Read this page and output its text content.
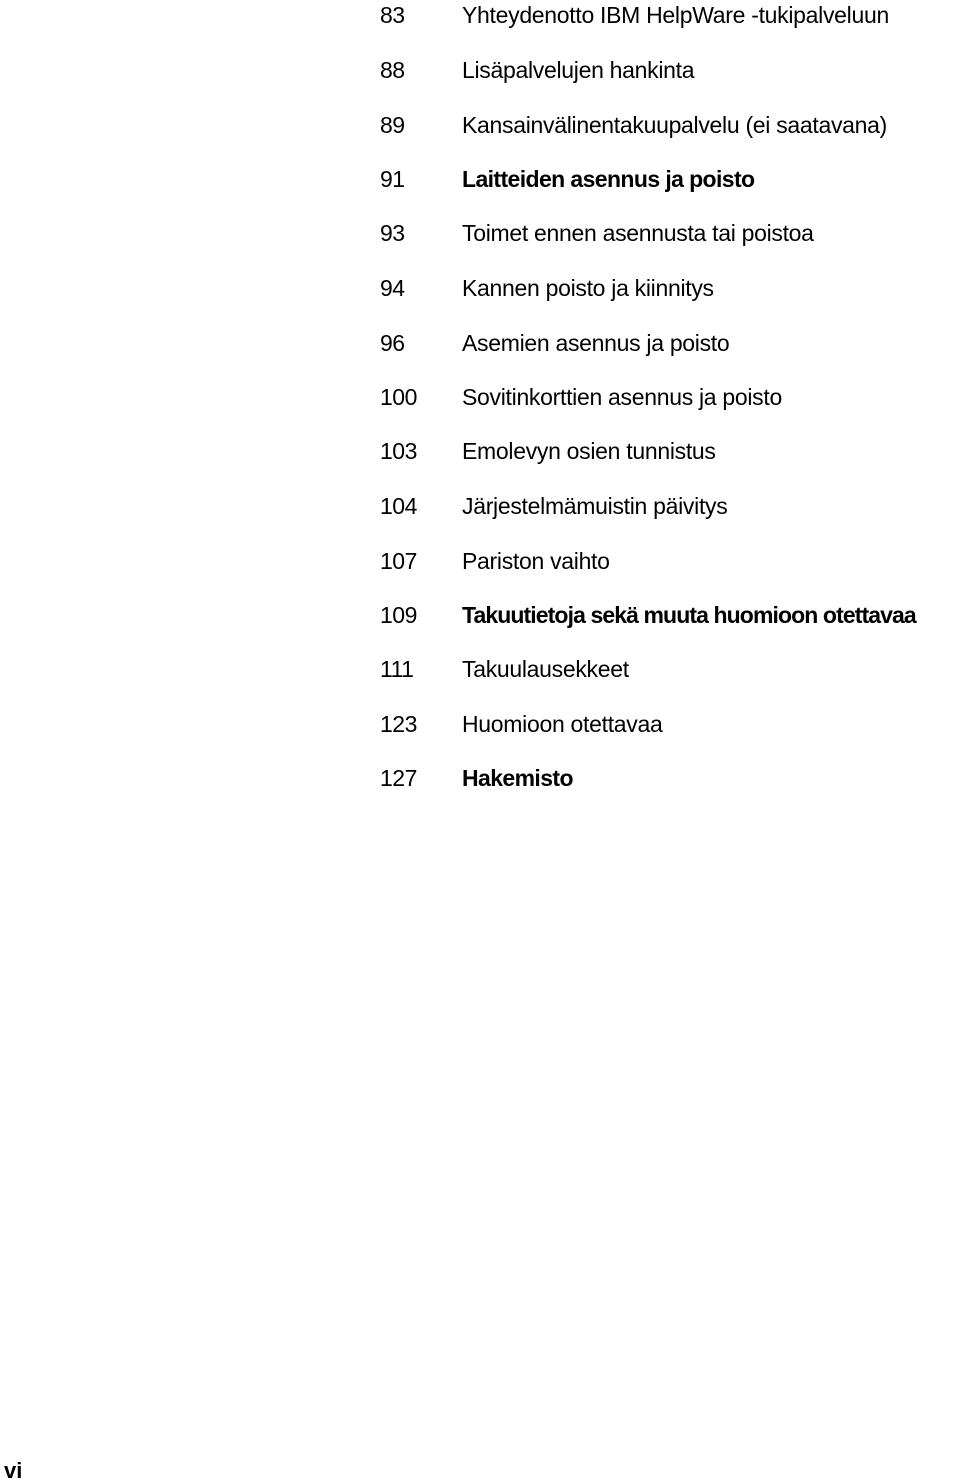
83 Yhteydenotto IBM HelpWare -tukipalveluun
88 Lisäpalvelujen hankinta
89 Kansainvälinentakuupalvelu (ei saatavana)
91 Laitteiden asennus ja poisto
93 Toimet ennen asennusta tai poistoa
94 Kannen poisto ja kiinnitys
96 Asemien asennus ja poisto
100 Sovitinkorttien asennus ja poisto
103 Emolevyn osien tunnistus
104 Järjestelmämuistin päivitys
107 Pariston vaihto
109 Takuutietoja sekä muuta huomioon otettavaa
111 Takuulausekkeet
123 Huomioon otettavaa
127 Hakemisto
vi
